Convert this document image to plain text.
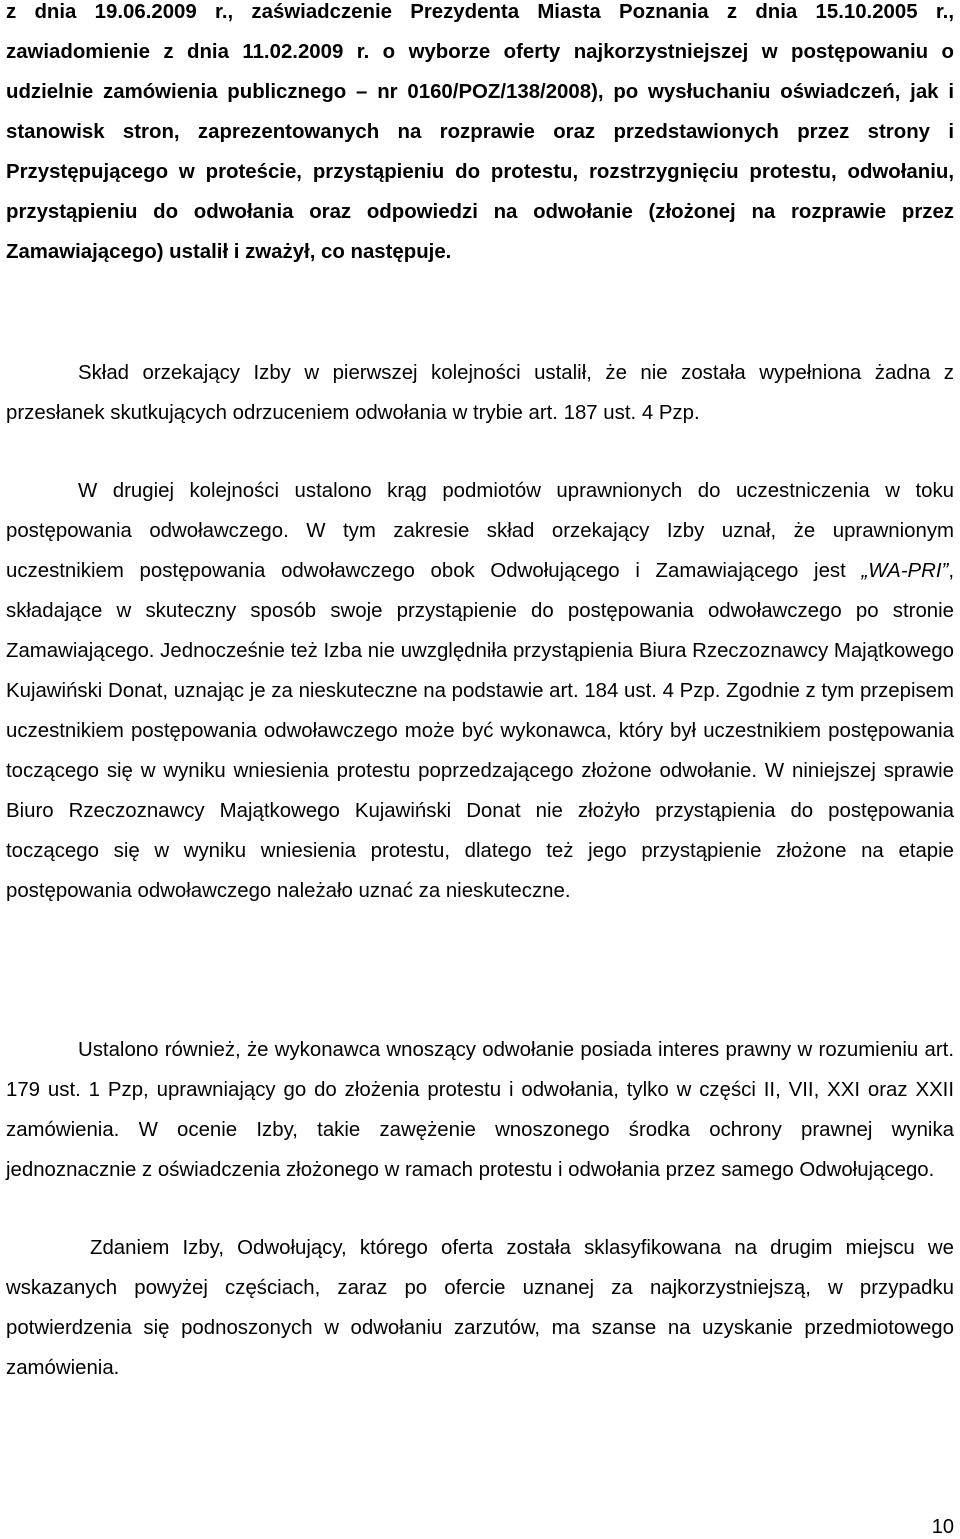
z dnia 19.06.2009 r., zaświadczenie Prezydenta Miasta Poznania z dnia 15.10.2005 r., zawiadomienie z dnia 11.02.2009 r. o wyborze oferty najkorzystniejszej w postępowaniu o udzielnie zamówienia publicznego – nr 0160/POZ/138/2008), po wysłuchaniu oświadczeń, jak i stanowisk stron, zaprezentowanych na rozprawie oraz przedstawionych przez strony i Przystępującego w proteście, przystąpieniu do protestu, rozstrzygnięciu protestu, odwołaniu, przystąpieniu do odwołania oraz odpowiedzi na odwołanie (złożonej na rozprawie przez Zamawiającego) ustalił i zważył, co następuje.

Skład orzekający Izby w pierwszej kolejności ustalił, że nie została wypełniona żadna z przesłanek skutkujących odrzuceniem odwołania w trybie art. 187 ust. 4 Pzp.

W drugiej kolejności ustalono krąg podmiotów uprawnionych do uczestniczenia w toku postępowania odwoławczego. W tym zakresie skład orzekający Izby uznał, że uprawnionym uczestnikiem postępowania odwoławczego obok Odwołującego i Zamawiającego jest „WA-PRI”, składające w skuteczny sposób swoje przystąpienie do postępowania odwoławczego po stronie Zamawiającego. Jednocześnie też Izba nie uwzględniła przystąpienia Biura Rzeczoznawcy Majątkowego Kujawiński Donat, uznając je za nieskuteczne na podstawie art. 184 ust. 4 Pzp. Zgodnie z tym przepisem uczestnikiem postępowania odwoławczego może być wykonawca, który był uczestnikiem postępowania toczącego się w wyniku wniesienia protestu poprzedzającego złożone odwołanie. W niniejszej sprawie Biuro Rzeczoznawcy Majątkowego Kujawiński Donat nie złożyło przystąpienia do postępowania toczącego się w wyniku wniesienia protestu, dlatego też jego przystąpienie złożone na etapie postępowania odwoławczego należało uznać za nieskuteczne.

Ustalono również, że wykonawca wnoszący odwołanie posiada interes prawny w rozumieniu art. 179 ust. 1 Pzp, uprawniający go do złożenia protestu i odwołania, tylko w części II, VII, XXI oraz XXII zamówienia. W ocenie Izby, takie zawężenie wnoszonego środka ochrony prawnej wynika jednoznacznie z oświadczenia złożonego w ramach protestu i odwołania przez samego Odwołującego.

Zdaniem Izby, Odwołujący, którego oferta została sklasyfikowana na drugim miejscu we wskazanych powyżej częściach, zaraz po ofercie uznanej za najkorzystniejszą, w przypadku potwierdzenia się podnoszonych w odwołaniu zarzutów, ma szanse na uzyskanie przedmiotowego zamówienia.

10
